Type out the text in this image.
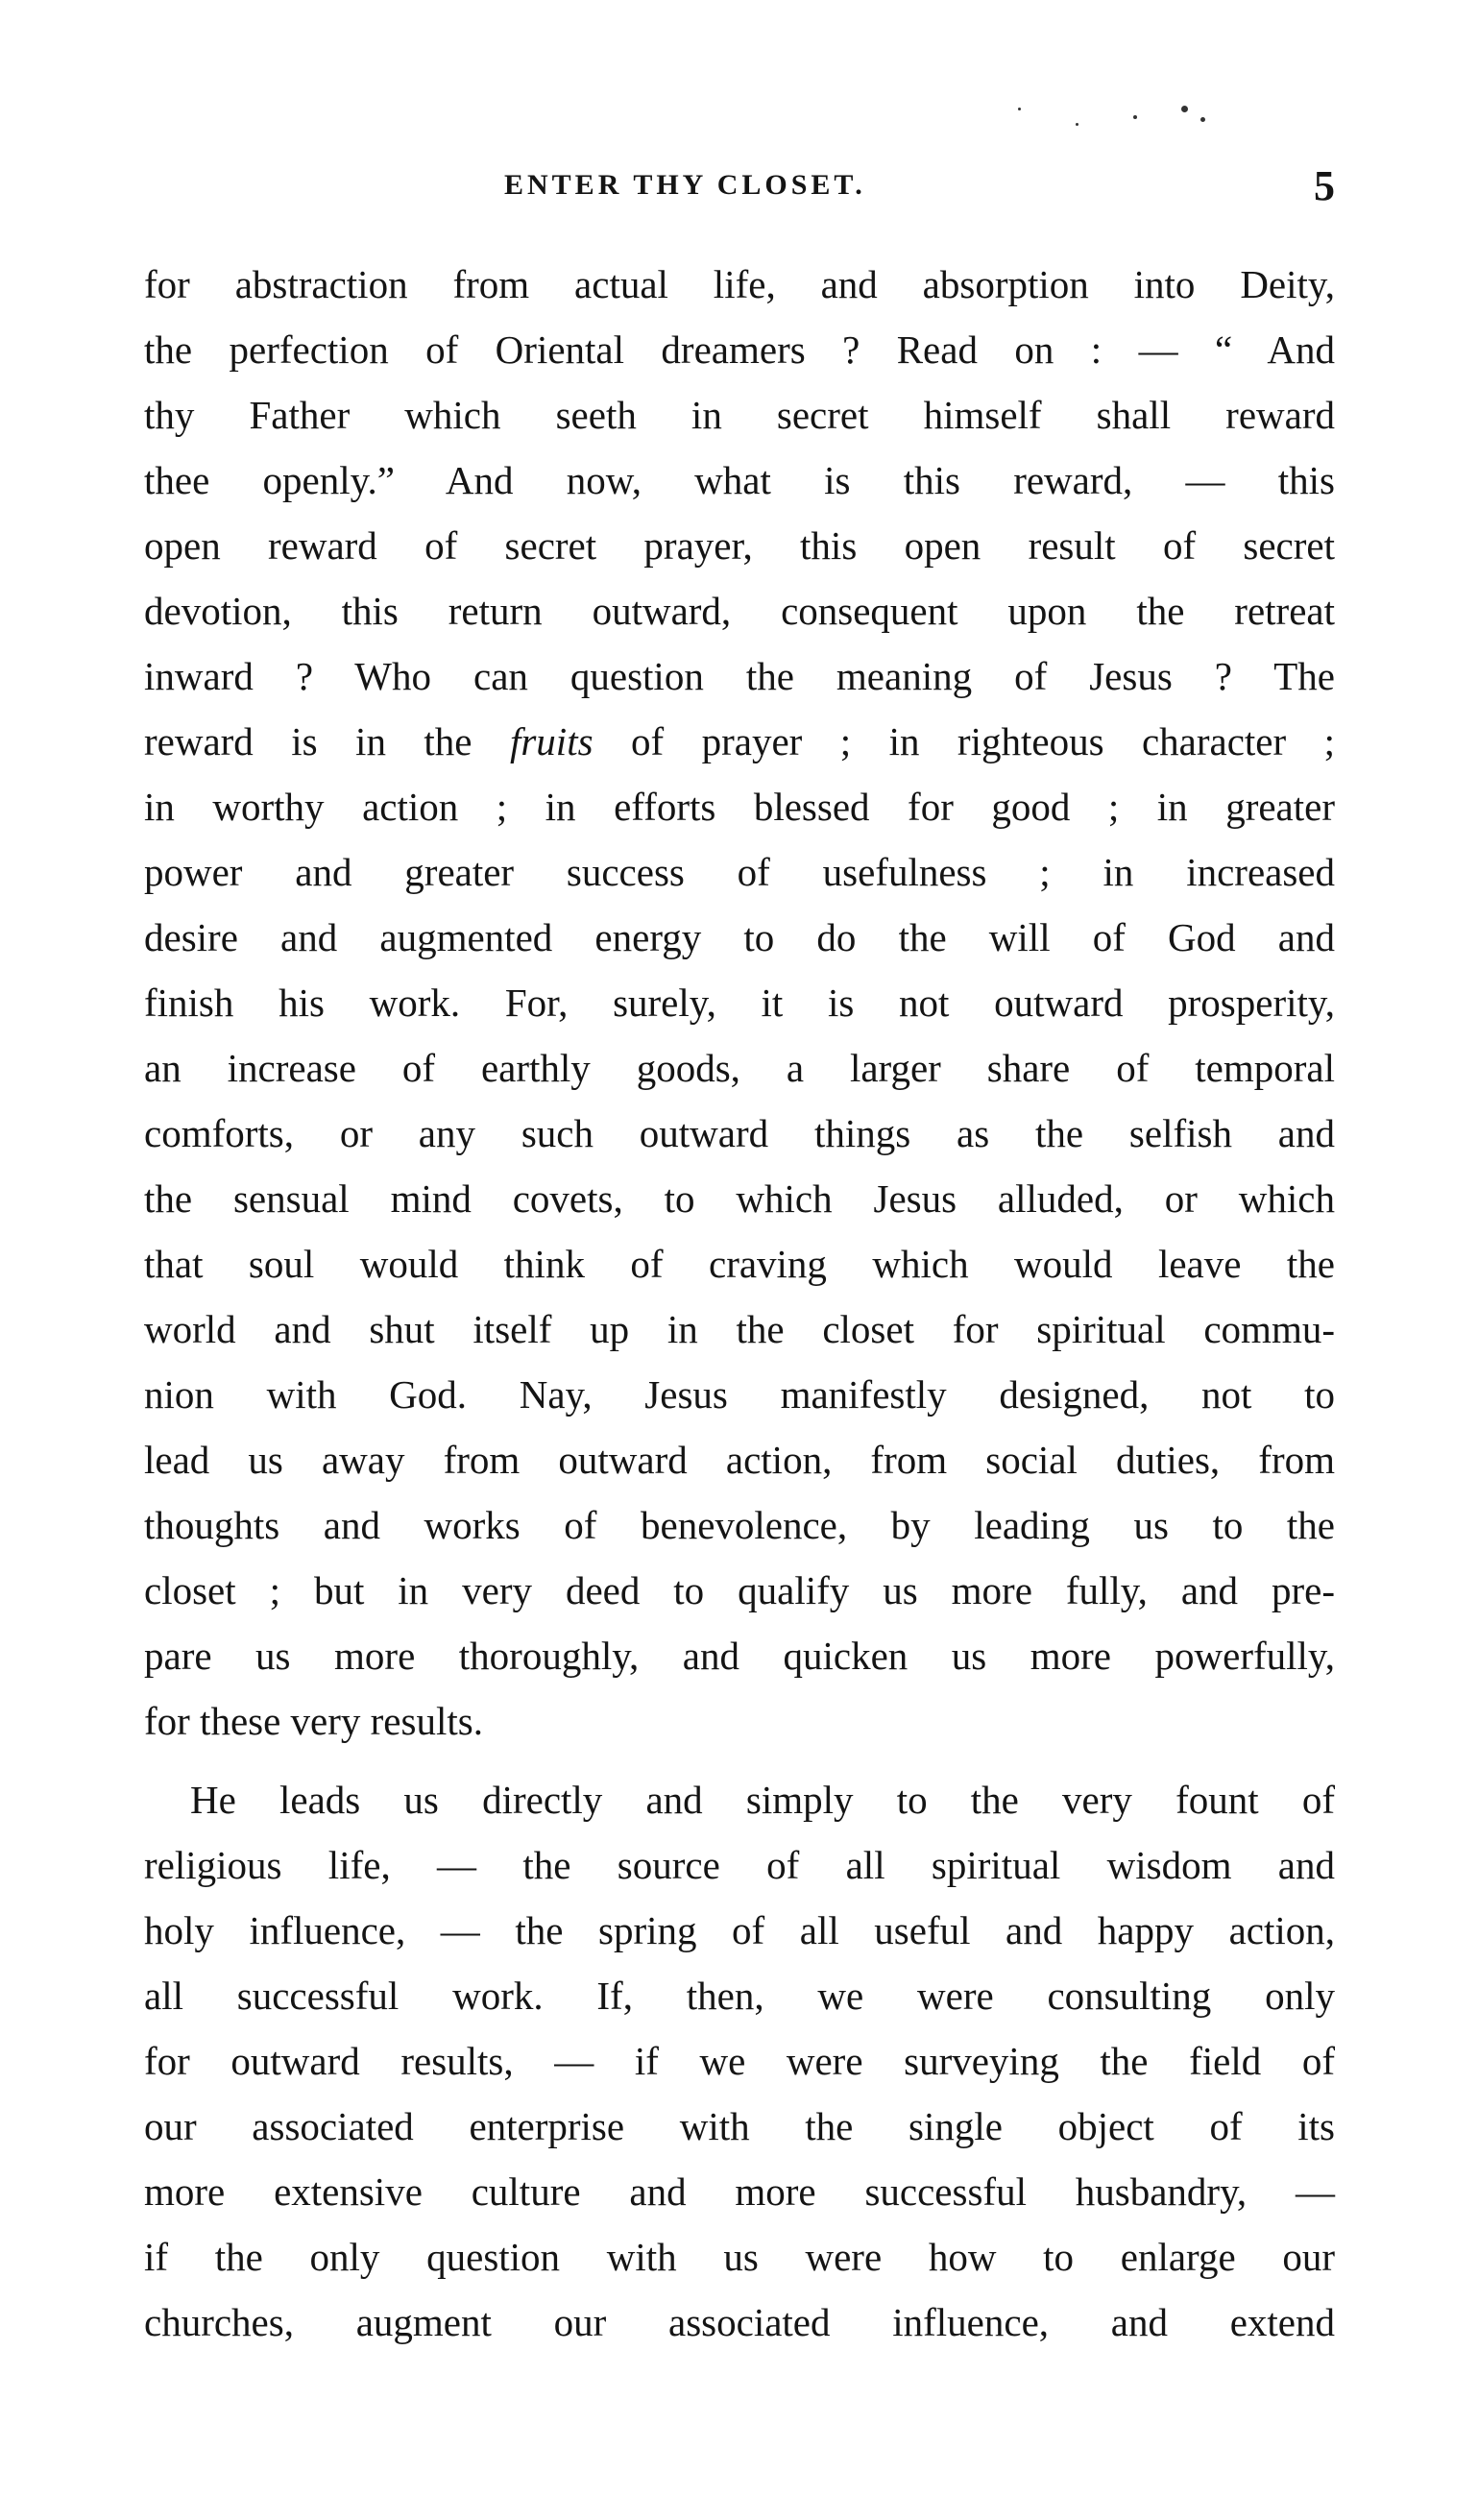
ENTER THY CLOSET.	5
for abstraction from actual life, and absorption into Deity,
the perfection of Oriental dreamers ? Read on : — “ And
thy Father which seeth in secret himself shall reward
thee openly.” And now, what is this reward, — this
open reward of secret prayer, this open result of secret
devotion, this return outward, consequent upon the retreat
inward ? Who can question the meaning of Jesus ? The
reward is in the fruits of prayer ; in righteous character ;
in worthy action ; in efforts blessed for good ; in greater
power and greater success of usefulness ; in increased
desire and augmented energy to do the will of God and
finish his work. For, surely, it is not outward prosperity,
an increase of earthly goods, a larger share of temporal
comforts, or any such outward things as the selfish and
the sensual mind covets, to which Jesus alluded, or which
that soul would think of craving which would leave the
world and shut itself up in the closet for spiritual commu-
nion with God. Nay, Jesus manifestly designed, not to
lead us away from outward action, from social duties, from
thoughts and works of benevolence, by leading us to the
closet ; but in very deed to qualify us more fully, and pre-
pare us more thoroughly, and quicken us more powerfully,
for these very results.
He leads us directly and simply to the very fount of
religious life, — the source of all spiritual wisdom and
holy influence, — the spring of all useful and happy action,
all successful work. If, then, we were consulting only
for outward results, — if we were surveying the field of
our associated enterprise with the single object of its
more extensive culture and more successful husbandry, —
if the only question with us were how to enlarge our
churches, augment our associated influence, and extend
